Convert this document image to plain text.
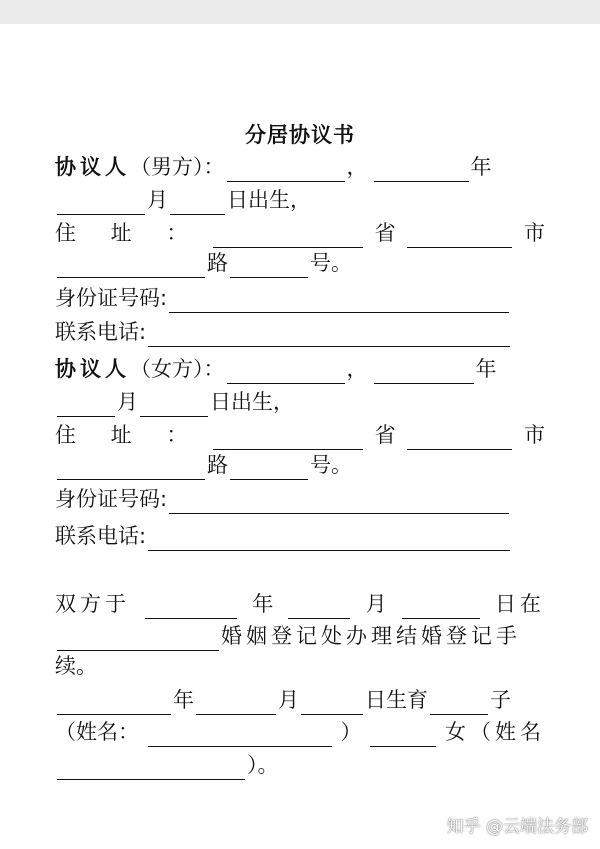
分居协议书
协议人 （男方）：	，	年
月	日出生，
住 址 ：	省	市
路	号。
身份证号码:
联系电话:
协议人 （女方）：	，	年
月	日出生，
住 址 ：	省	市
路	号。
身份证号码:
联系电话:
双方于	年	月	日在
婚姻登记处办理结婚登记手
续。
年	月	日生育	子
（姓名：	）	女（姓名
）。
知乎 @云端法务部
